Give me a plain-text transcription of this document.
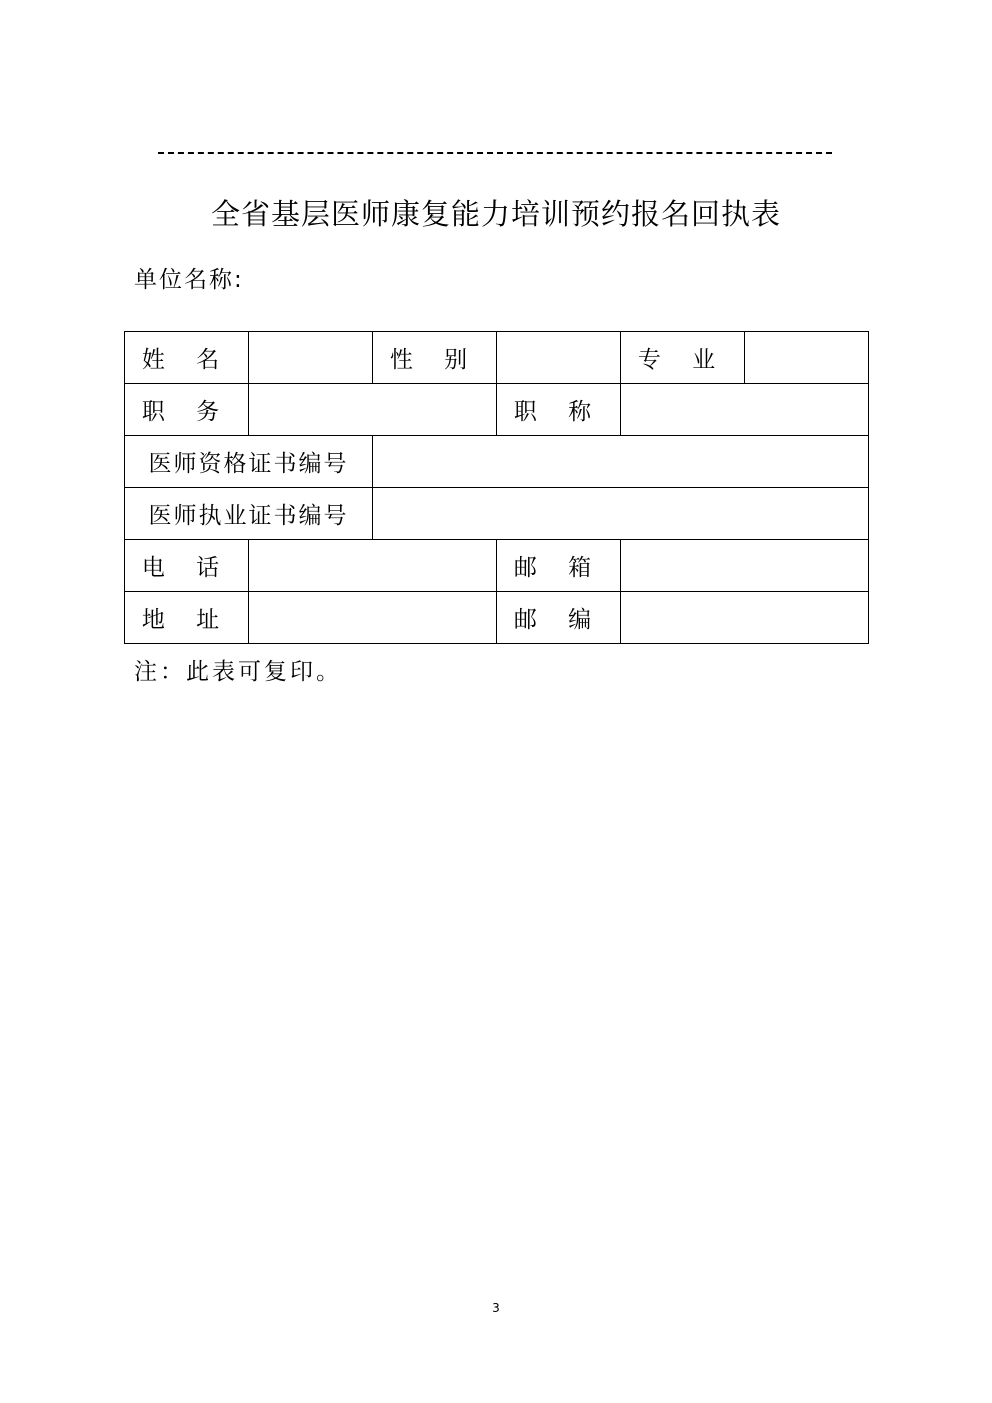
全省基层医师康复能力培训预约报名回执表
单位名称:
姓 名		性 别		专 业	
职 务			职 称		
医师资格证书编号					
医师执业证书编号					
电 话			邮 箱		
地 址			邮 编		
注：此表可复印。
3
